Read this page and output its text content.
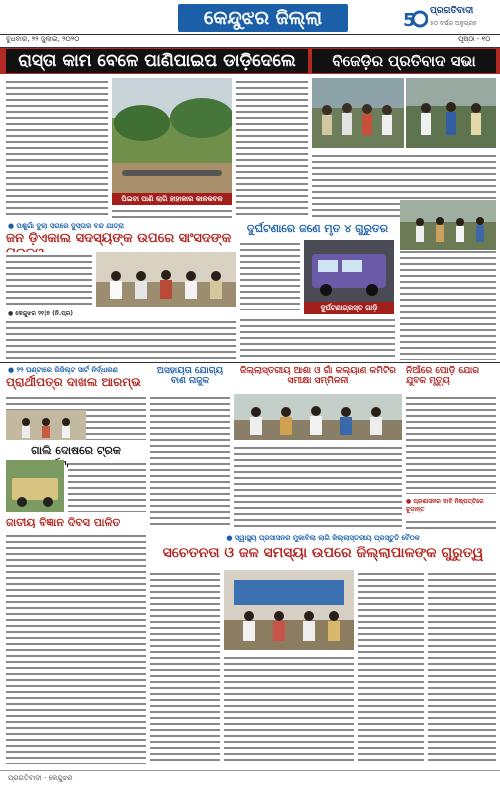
କେନ୍ଦୁଝର ଜିଲ୍ଲା	5 ପ୍ରଗତିବାଦୀ
୫୦ ବର୍ଷର ଅନୁଗ୍ରହ
ବୁଧବାର, ୨୨ ଜୁଲାଇ, ୨୦୨୦	ପୃଷ୍ଠା - ୧୦
ରାସ୍ତା କାମ ବେଳେ ପାଣିପାଇପ ଡାଡ଼ିଦେଲେ	ବିଜେଡ଼ିର ପ୍ରତିବାଦ ସଭା
ପିଇବା ପାଣି ଲାଗି ହାହାକାର କାଳକବଳ
● ପଶୁଗାଁ ବୁଲା ସଗରେ ଦୁସ୍ତାର ବନ୍ଦ ଯାତ୍ରା
ଜନ ଡ଼ିଏକାଲ ସଦସ୍ୟଙ୍କ ଉପରେ ସାଂସଦଙ୍କ
● କେନ୍ଦୁଝର ୨୧|୭ (ନି.ପ୍ର)
ଦୁର୍ଘଟଣାରେ ଜଣେ ମୃତ ୪ ଗୁରୁତର
ଦୁର୍ଘଟଣାଗ୍ରସ୍ତ ଗାଡ଼ି
● ୨୨ ଘଣ୍ଟାରେ ରିଜିଲ୍ଟ ସାର୍ଟ ନିର୍ଦ୍ଧାରଣ
ପ୍ରାର୍ଥୀପତ୍ର ଦାଖଲ ଆରମ୍ଭ
ଗାଲି ଦୋଷରେ ଟ୍ରକ
ଜାତୀୟ ବିଜ୍ଞାନ ଦିବସ ପାଳିତ
ଅସହାୟତା ଯୋଗ୍ୟ ବାଣ ନାଜୁକ
ଜିଲ୍ଲାସ୍ତରୀୟ ଆଶା ଓ ଗାଁ କଲ୍ୟାଣ କମିଟିର ସମୀକ୍ଷା ସମ୍ମିଳନୀ
ନିଆଁରେ ପୋଡ଼ି ଯୋର ଯୁବକ ମୃତ୍ୟୁ
● ପ୍ରଶାସନର ଦାବି ନିଷ୍ପତ୍ତିରେ ଚୂଡ଼ାନ୍ତ
● ସ୍ୱାସ୍ଥ୍ୟ ପ୍ରସାସନର ମୁକାବିଲା ଲାଗି ଜିଲ୍ଲାସ୍ତରୀୟ ପ୍ରସ୍ତୁତି ବୈଠକ
ସଚେତନତା ଓ ଜଳ ସମସ୍ୟା ଉପରେ ଜିଲ୍ଲାପାଳଙ୍କ ଗୁରୁତ୍ୱ
ପ୍ରଗତିବାଦୀ - କେନ୍ଦୁଝର
